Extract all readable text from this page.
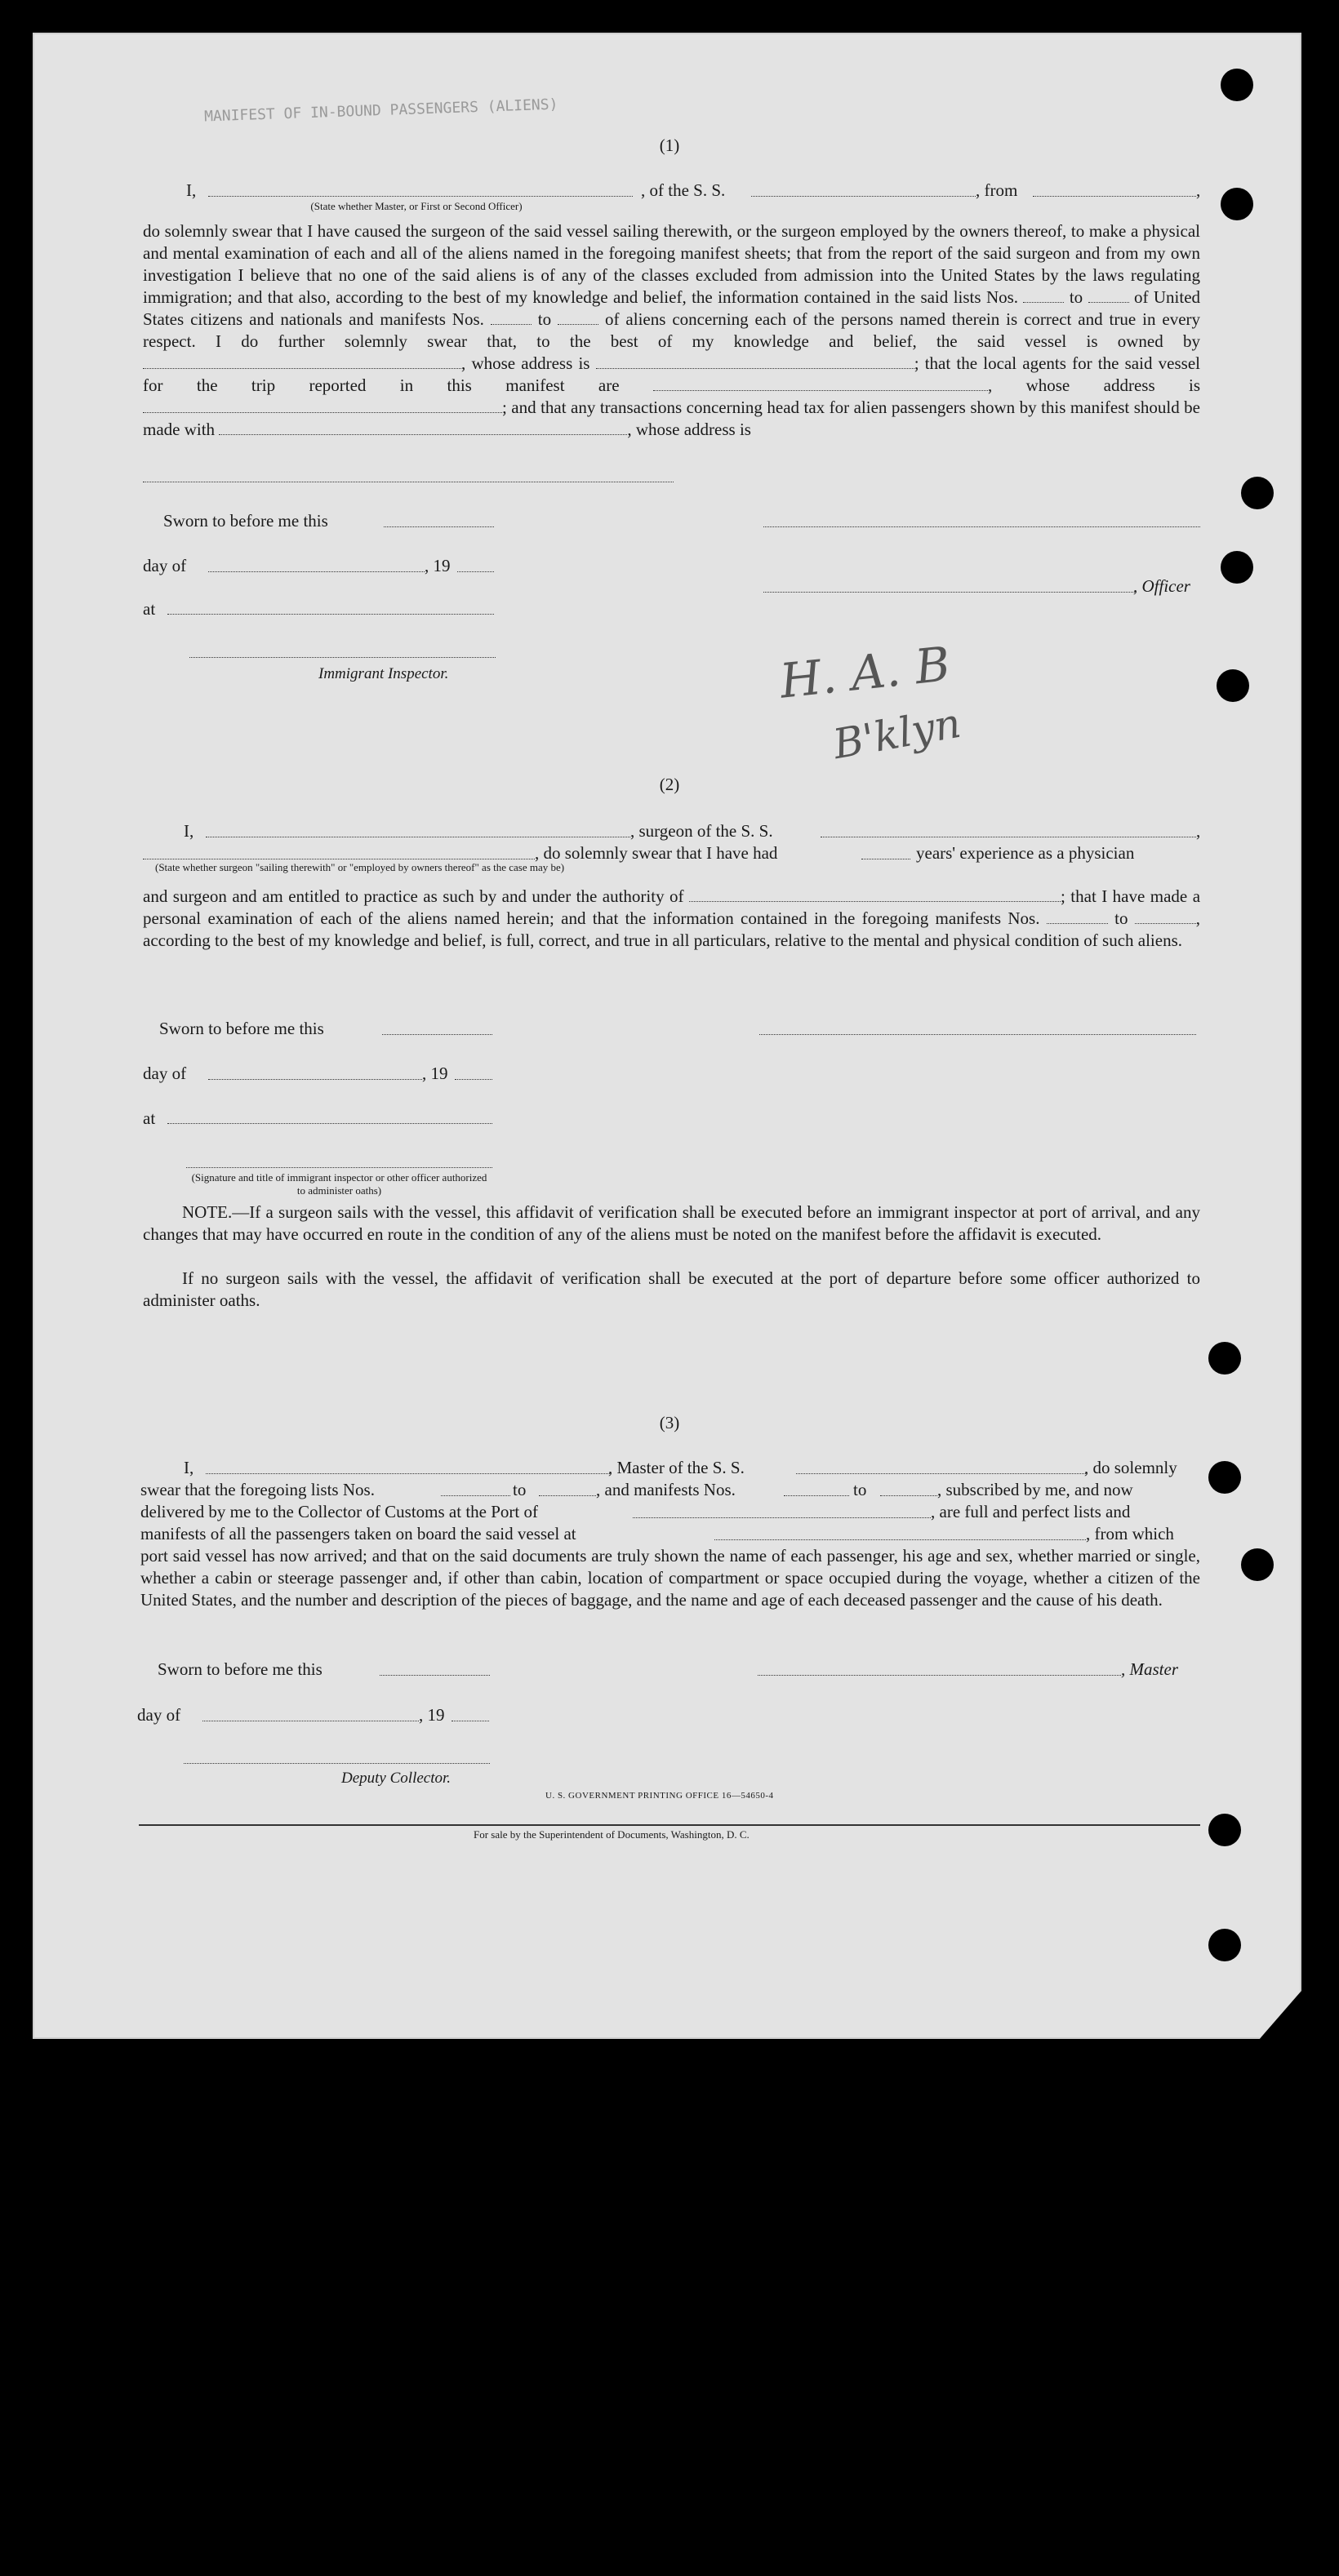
MANIFEST OF IN-BOUND PASSENGERS (ALIENS)
(1)
I,	, of the S. S.	, from	,
(State whether Master, or First or Second Officer)
do solemnly swear that I have caused the surgeon of the said vessel sailing therewith, or the surgeon employed by the owners thereof, to make a physical and mental examination of each and all of the aliens named in the foregoing manifest sheets; that from the report of the said surgeon and from my own investigation I believe that no one of the said aliens is of any of the classes excluded from admission into the United States by the laws regulating immigration; and that also, according to the best of my knowledge and belief, the information contained in the said lists Nos.	to	of United States citizens and nationals and manifests Nos.	to	of aliens concerning each of the persons named therein is correct and true in every respect. I do further solemnly swear that, to the best of my knowledge and belief, the said vessel is owned by , whose address is	; that the local agents for the said vessel for the trip reported in this manifest are	, whose address is ; and that any transactions concerning head tax for alien passengers shown by this manifest should be made with	, whose address is
Sworn to before me this
day of	, 19
, Officer
at
Immigrant Inspector.	H. A. B
B'klyn
(2)
I,	, surgeon of the S. S.	,
, do solemnly swear that I have had	years' experience as a physician
(State whether surgeon "sailing therewith" or "employed by owners thereof" as the case may be)
and surgeon and am entitled to practice as such by and under the authority of	; that I have made a personal examination of each of the aliens named herein; and that the information contained in the foregoing manifests Nos.	to	, according to the best of my knowledge and belief, is full, correct, and true in all particulars, relative to the mental and physical condition of such aliens.
Sworn to before me this
day of	, 19
at
(Signature and title of immigrant inspector or other officer authorized to administer oaths)
NOTE.—If a surgeon sails with the vessel, this affidavit of verification shall be executed before an immigrant inspector at port of arrival, and any changes that may have occurred en route in the condition of any of the aliens must be noted on the manifest before the affidavit is executed.
If no surgeon sails with the vessel, the affidavit of verification shall be executed at the port of departure before some officer authorized to administer oaths.
(3)
I,	, Master of the S. S.	, do solemnly
swear that the foregoing lists Nos.	to	, and manifests Nos.	to	, subscribed by me, and now
delivered by me to the Collector of Customs at the Port of	, are full and perfect lists and
manifests of all the passengers taken on board the said vessel at	, from which
port said vessel has now arrived; and that on the said documents are truly shown the name of each passenger, his age and sex, whether married or single, whether a cabin or steerage passenger and, if other than cabin, location of compartment or space occupied during the voyage, whether a citizen of the United States, and the number and description of the pieces of baggage, and the name and age of each deceased passenger and the cause of his death.
Sworn to before me this	, Master
day of	, 19
Deputy Collector.
U. S. GOVERNMENT PRINTING OFFICE 16—54650-4
For sale by the Superintendent of Documents, Washington, D. C.
